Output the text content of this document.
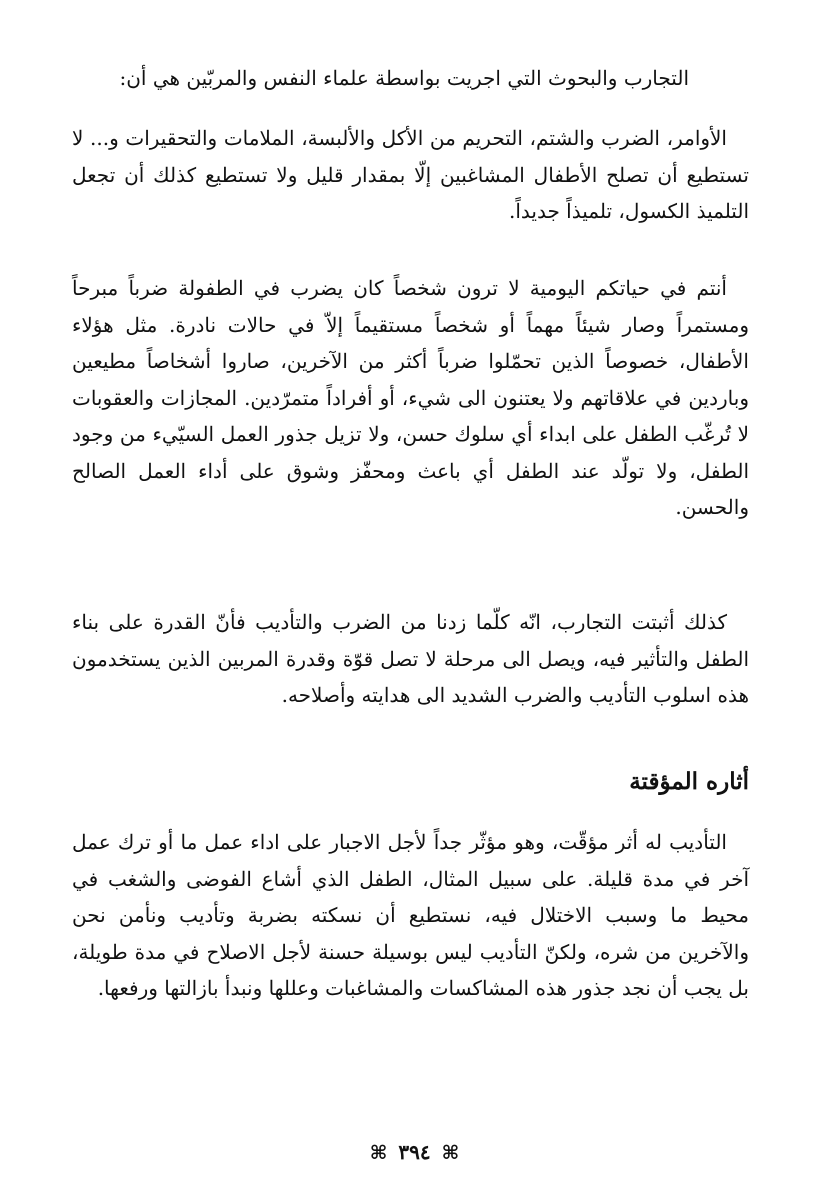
التجارب والبحوث التي اجريت بواسطة علماء النفس والمربّين هي أن:

الأوامر، الضرب والشتم، التحريم من الأكل والألبسة، الملامات والتحقيرات و... لا تستطيع أن تصلح الأطفال المشاغبين إلّا بمقدار قليل ولا تستطيع كذلك أن تجعل التلميذ الكسول، تلميذاً جديداً.

أنتم في حياتكم اليومية لا ترون شخصاً كان يضرب في الطفولة ضرباً مبرحاً ومستمراً وصار شيئاً مهماً أو شخصاً مستقيماً إلاّ في حالات نادرة. مثل هؤلاء الأطفال، خصوصاً الذين تحمّلوا ضرباً أكثر من الآخرين، صاروا أشخاصاً مطيعين وباردين في علاقاتهم ولا يعتنون الى شيء، أو أفراداً متمرّدين. المجازات والعقوبات لا تُرغّب الطفل على ابداء أي سلوك حسن، ولا تزيل جذور العمل السيّيء من وجود الطفل، ولا تولّد عند الطفل أي باعث ومحفّز وشوق على أداء العمل الصالح والحسن.

كذلك أثبتت التجارب، انّه كلّما زدنا من الضرب والتأديب فأنّ القدرة على بناء الطفل والتأثير فيه، ويصل الى مرحلة لا تصل قوّة وقدرة المربين الذين يستخدمون هذه اسلوب التأديب والضرب الشديد الى هدايته وأصلاحه.

أثاره المؤقتة

التأديب له أثر مؤقّت، وهو مؤثّر جداً لأجل الاجبار على اداء عمل ما أو ترك عمل آخر في مدة قليلة. على سبيل المثال، الطفل الذي أشاع الفوضى والشغب في محيط ما وسبب الاختلال فيه، نستطيع أن نسكته بضربة وتأديب ونأمن نحن والآخرين من شره، ولكنّ التأديب ليس بوسيلة حسنة لأجل الاصلاح في مدة طويلة، بل يجب أن نجد جذور هذه المشاكسات والمشاغبات وعللها ونبدأ بازالتها ورفعها.

⌘ ٣٩٤ ⌘
